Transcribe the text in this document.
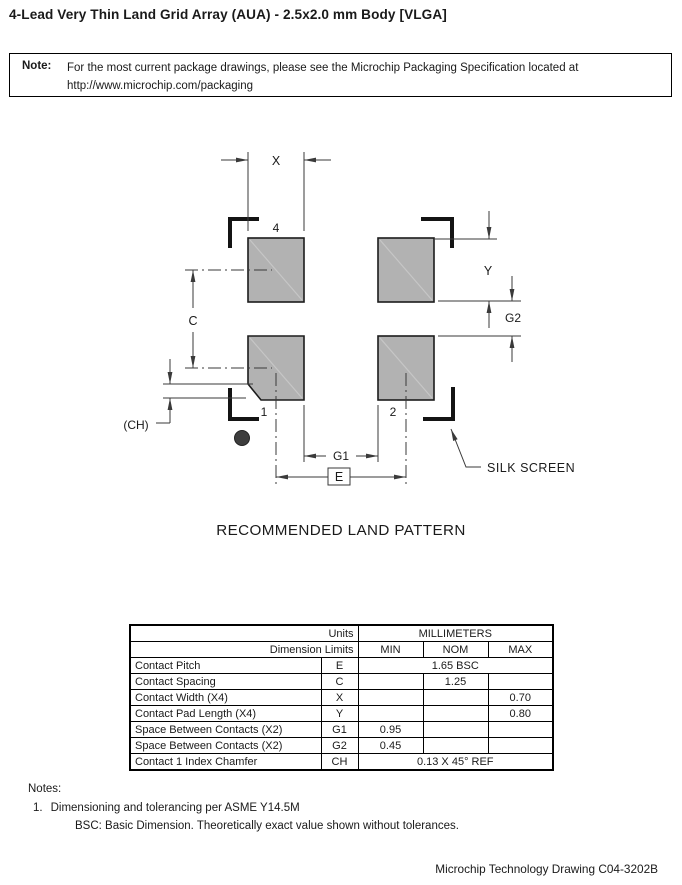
4-Lead Very Thin Land Grid Array (AUA) - 2.5x2.0 mm Body [VLGA]
Note: For the most current package drawings, please see the Microchip Packaging Specification located at
http://www.microchip.com/packaging
X
4
Y
G2
C
(CH)
G1
E
1	2
SILK SCREEN
RECOMMENDED LAND PATTERN
Units		MILLIMETERS		
Dimension Limits		MIN	NOM	MAX
Contact Pitch	E	1.65 BSC		
Contact Spacing	C		1.25	
Contact Width (X4)	X			0.70
Contact Pad Length (X4)	Y			0.80
Space Between Contacts (X2)	G1	0.95		
Space Between Contacts (X2)	G2	0.45		
Contact 1 Index Chamfer	CH	0.13 X 45° REF		
Notes:
1. Dimensioning and tolerancing per ASME Y14.5M
BSC: Basic Dimension. Theoretically exact value shown without tolerances.
Microchip Technology Drawing C04-3202B
